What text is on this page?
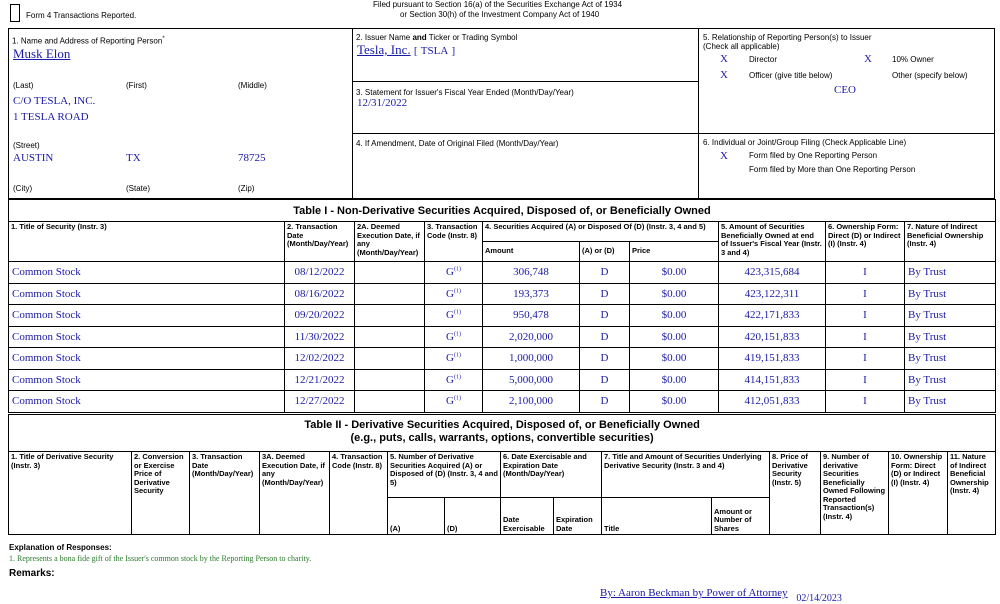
Form 4 Transactions Reported.
Filed pursuant to Section 16(a) of the Securities Exchange Act of 1934
or Section 30(h) of the Investment Company Act of 1940
1. Name and Address of Reporting Person*
Musk Elon
(Last)	(First)	(Middle)
C/O TESLA, INC.
1 TESLA ROAD
(Street)
AUSTIN	TX	78725
(City)	(State)	(Zip)
2. Issuer Name and Ticker or Trading Symbol
Tesla, Inc. [ TSLA ]
3. Statement for Issuer's Fiscal Year Ended (Month/Day/Year)
12/31/2022
4. If Amendment, Date of Original Filed (Month/Day/Year)
5. Relationship of Reporting Person(s) to Issuer
(Check all applicable)
X	Director	X	10% Owner
X	Officer (give title below)	Other (specify below)
CEO
6. Individual or Joint/Group Filing (Check Applicable Line)
X	Form filed by One Reporting Person
Form filed by More than One Reporting Person
Table I - Non-Derivative Securities Acquired, Disposed of, or Beneficially Owned									
1. Title of Security (Instr. 3)	2. Transaction Date (Month/Day/Year)	2A. Deemed Execution Date, if any (Month/Day/Year)	3. Transaction Code (Instr. 8)	4. Securities Acquired (A) or Disposed Of (D) (Instr. 3, 4 and 5)			5. Amount of Securities Beneficially Owned at end of Issuer's Fiscal Year (Instr. 3 and 4)	6. Ownership Form: Direct (D) or Indirect (I) (Instr. 4)	7. Nature of Indirect Beneficial Ownership (Instr. 4)
				Amount	(A) or (D)	Price			
Common Stock	08/12/2022		$G^{(1)}$	306,748	D	$0.00	423,315,684	I	By Trust
Common Stock	08/16/2022		$G^{(1)}$	193,373	D	$0.00	423,122,311	I	By Trust
Common Stock	09/20/2022		$G^{(1)}$	950,478	D	$0.00	422,171,833	I	By Trust
Common Stock	11/30/2022		$G^{(1)}$	2,020,000	D	$0.00	420,151,833	I	By Trust
Common Stock	12/02/2022		$G^{(1)}$	1,000,000	D	$0.00	419,151,833	I	By Trust
Common Stock	12/21/2022		$G^{(1)}$	5,000,000	D	$0.00	414,151,833	I	By Trust
Common Stock	12/27/2022		$G^{(1)}$	2,100,000	D	$0.00	412,051,833	I	By Trust
Table II - Derivative Securities Acquired, Disposed of, or Beneficially Owned
(e.g., puts, calls, warrants, options, convertible securities)														

1. Title of Derivative Security (Instr. 3)	2. Conversion or Exercise Price of Derivative Security	3. Transaction Date (Month/Day/Year)	3A. Deemed Execution Date, if any (Month/Day/Year)	4. Transaction Code (Instr. 8)	5. Number of Derivative Securities Acquired (A) or Disposed of (D) (Instr. 3, 4 and 5)		6. Date Exercisable and Expiration Date (Month/Day/Year)		7. Title and Amount of Securities Underlying Derivative Security (Instr. 3 and 4)		8. Price of Derivative Security (Instr. 5)	9. Number of derivative Securities Beneficially Owned Following Reported Transaction(s) (Instr. 4)	10. Ownership Form: Direct (D) or Indirect (I) (Instr. 4)	11. Nature of Indirect Beneficial Ownership (Instr. 4)
					(A)	(D)	Date Exercisable	Expiration Date	Title	Amount or Number of Shares				
Explanation of Responses:
1. Represents a bona fide gift of the Issuer's common stock by the Reporting Person to charity.
Remarks:
By: Aaron Beckman by Power of Attorney 02/14/2023
